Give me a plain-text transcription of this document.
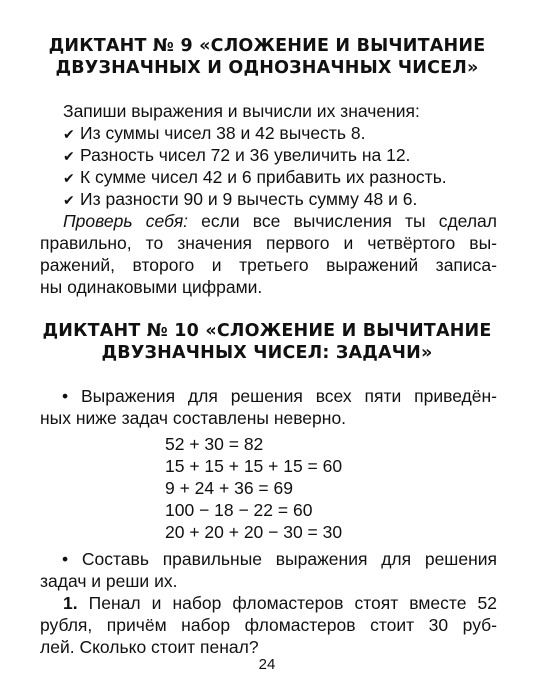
ДИКТАНТ № 9 «СЛОЖЕНИЕ И ВЫЧИТАНИЕ
ДВУЗНАЧНЫХ И ОДНОЗНАЧНЫХ ЧИСЕЛ»
Запиши выражения и вычисли их значения:
✔ Из суммы чисел 38 и 42 вычесть 8.
✔ Разность чисел 72 и 36 увеличить на 12.
✔ К сумме чисел 42 и 6 прибавить их разность.
✔ Из разности 90 и 9 вычесть сумму 48 и 6.
Проверь себя: если все вычисления ты сделал
правильно, то значения первого и четвёртого вы-
ражений, второго и третьего выражений записа-
ны одинаковыми цифрами.
ДИКТАНТ № 10 «СЛОЖЕНИЕ И ВЫЧИТАНИЕ
ДВУЗНАЧНЫХ ЧИСЕЛ: ЗАДАЧИ»
• Выражения для решения всех пяти приведён-
ных ниже задач составлены неверно.
52 + 30 = 82
15 + 15 + 15 + 15 = 60
9 + 24 + 36 = 69
100 − 18 − 22 = 60
20 + 20 + 20 − 30 = 30
• Составь правильные выражения для решения
задач и реши их.
1. Пенал и набор фломастеров стоят вместе 52
рубля, причём набор фломастеров стоит 30 руб-
лей. Сколько стоит пенал?
24
